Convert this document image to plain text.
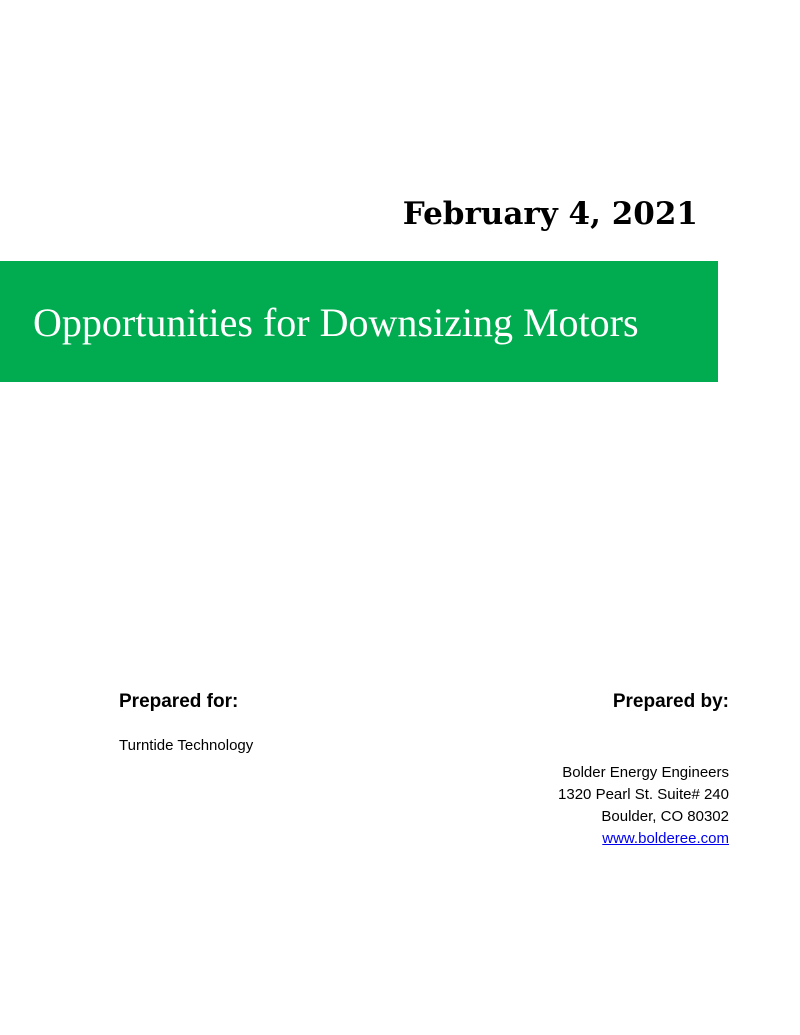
February 4, 2021
Opportunities for Downsizing Motors
Prepared for:	Prepared by:
Turntide Technology
Bolder Energy Engineers
1320 Pearl St. Suite# 240
Boulder, CO 80302
www.bolderee.com
